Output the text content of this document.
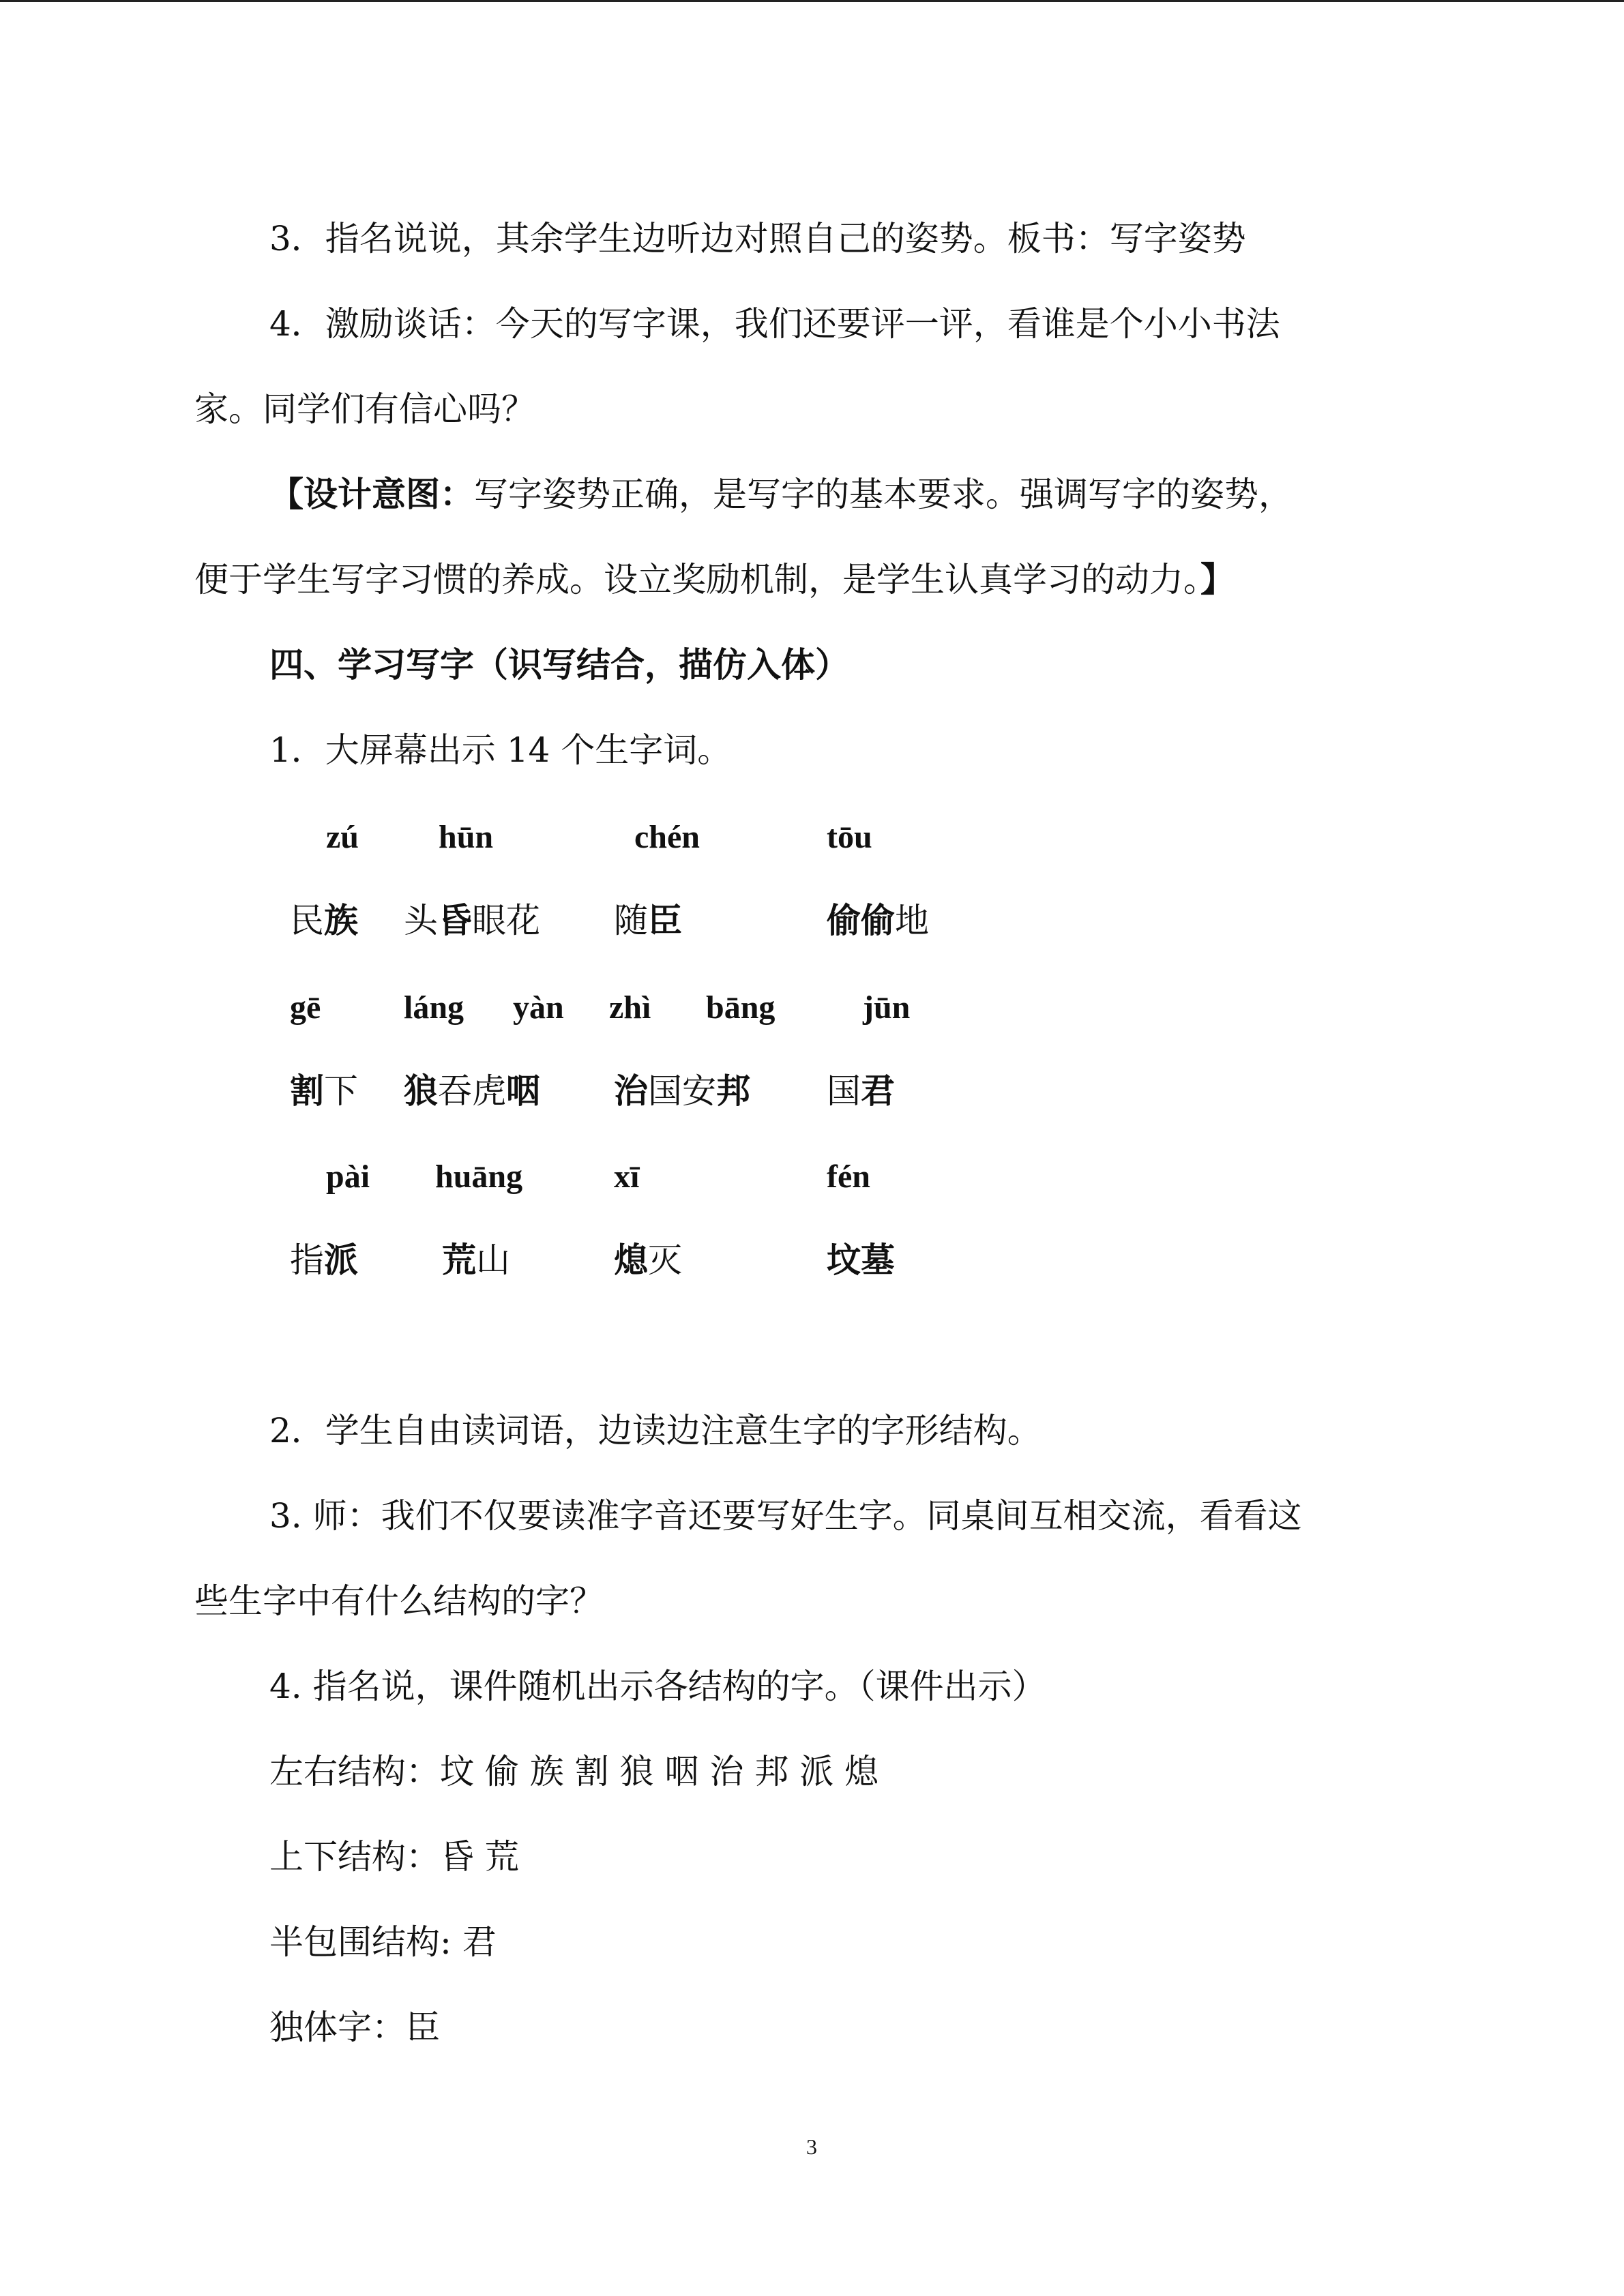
3．指名说说，其余学生边听边对照自己的姿势。板书：写字姿势
4．激励谈话：今天的写字课，我们还要评一评，看谁是个小小书法
家。同学们有信心吗？
【设计意图：写字姿势正确，是写字的基本要求。强调写字的姿势，
便于学生写字习惯的养成。设立奖励机制，是学生认真学习的动力。】
四、学习写字（识写结合，描仿入体）
1．大屏幕出示 14 个生字词。
zú hūn	chén	tōu
民族 头昏眼花 随臣	偷偷地
gē	láng yàn zhì bāng	jūn
割下 狼吞虎咽 治国安邦 国君
pài huāng	xī	fén
指派 荒山	熄灭	坟墓
2．学生自由读词语，边读边注意生字的字形结构。
3. 师：我们不仅要读准字音还要写好生字。同桌间互相交流，看看这
些生字中有什么结构的字？
4. 指名说，课件随机出示各结构的字。（课件出示）
左右结构：坟 偷 族 割 狼 咽 治 邦 派 熄
上下结构：昏 荒
半包围结构: 君
独体字：臣
3
